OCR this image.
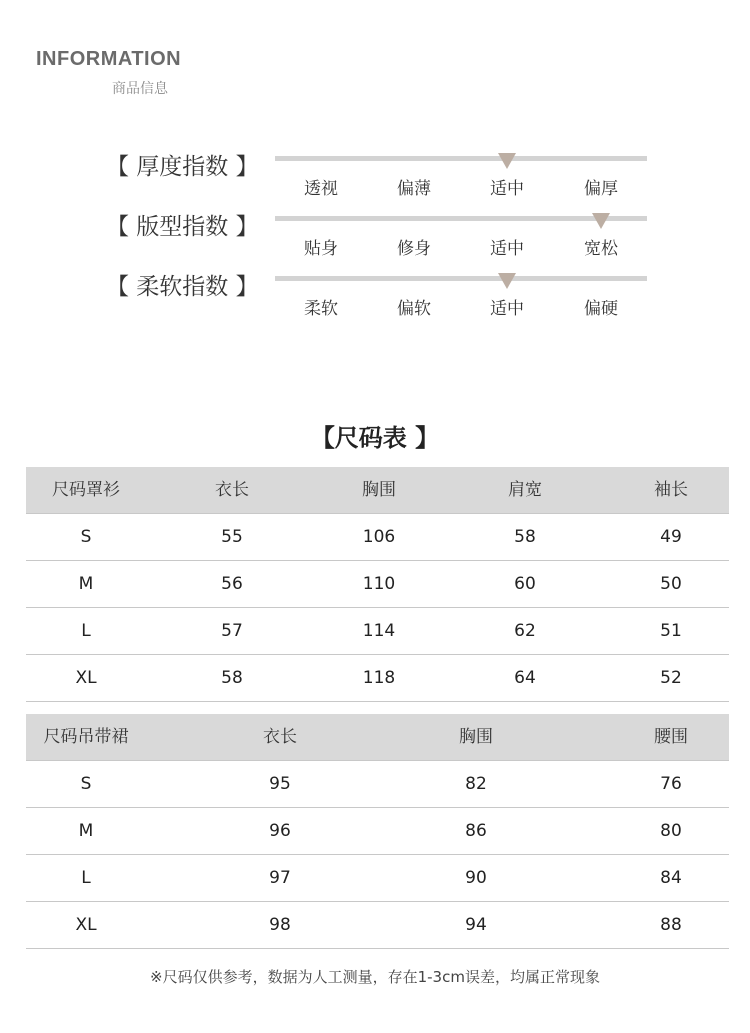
INFORMATION
商品信息
【 厚度指数 】
透视	偏薄	适中	偏厚
【 版型指数 】
贴身	修身	适中	宽松
【 柔软指数 】
柔软	偏软	适中	偏硬
【尺码表 】
尺码罩衫	衣长	胸围	肩宽	袖长
S	55	106	58	49
M	56	110	60	50
L	57	114	62	51
XL	58	118	64	52
尺码吊带裙	衣长	胸围	腰围
S	95	82	76
M	96	86	80
L	97	90	84
XL	98	94	88
※尺码仅供参考，数据为人工测量，存在1-3cm误差，均属正常现象
